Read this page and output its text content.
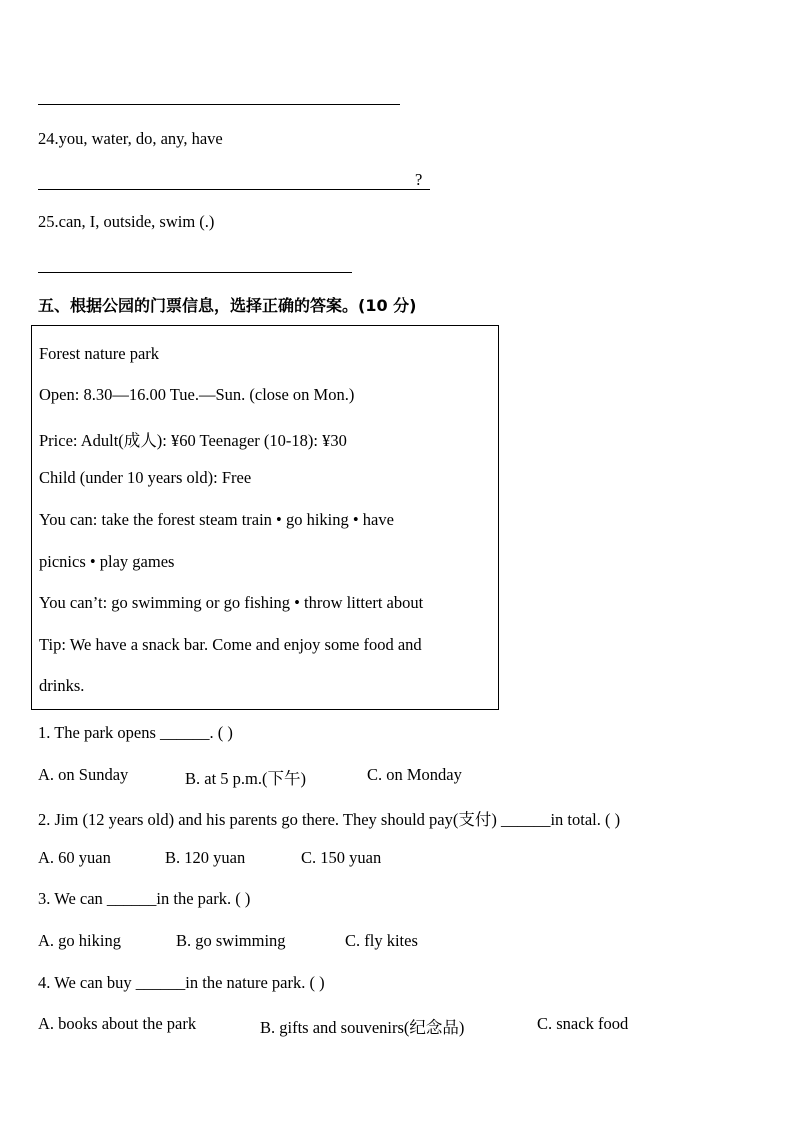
24.you, water, do, any, have
?
25.can, I, outside, swim (.)
五、根据公园的门票信息，选择正确的答案。(10 分)
Forest nature park
Open: 8.30—16.00 Tue.—Sun. (close on Mon.)
Price: Adult(成人): ¥60 Teenager (10-18): ¥30
Child (under 10 years old): Free
You can: take the forest steam train • go hiking • have
picnics • play games
You can’t: go swimming or go fishing • throw littert about
Tip: We have a snack bar. Come and enjoy some food and
drinks.
1. The park opens ______. ( )
A. on Sunday	B. at 5 p.m.(下午)	C. on Monday
2. Jim (12 years old) and his parents go there. They should pay(支付) ______in total. ( )
A. 60 yuan	B. 120 yuan	C. 150 yuan
3. We can ______in the park. ( )
A. go hiking	B. go swimming	C. fly kites
4. We can buy ______in the nature park. ( )
A. books about the park	B. gifts and souvenirs(纪念品)	C. snack food
